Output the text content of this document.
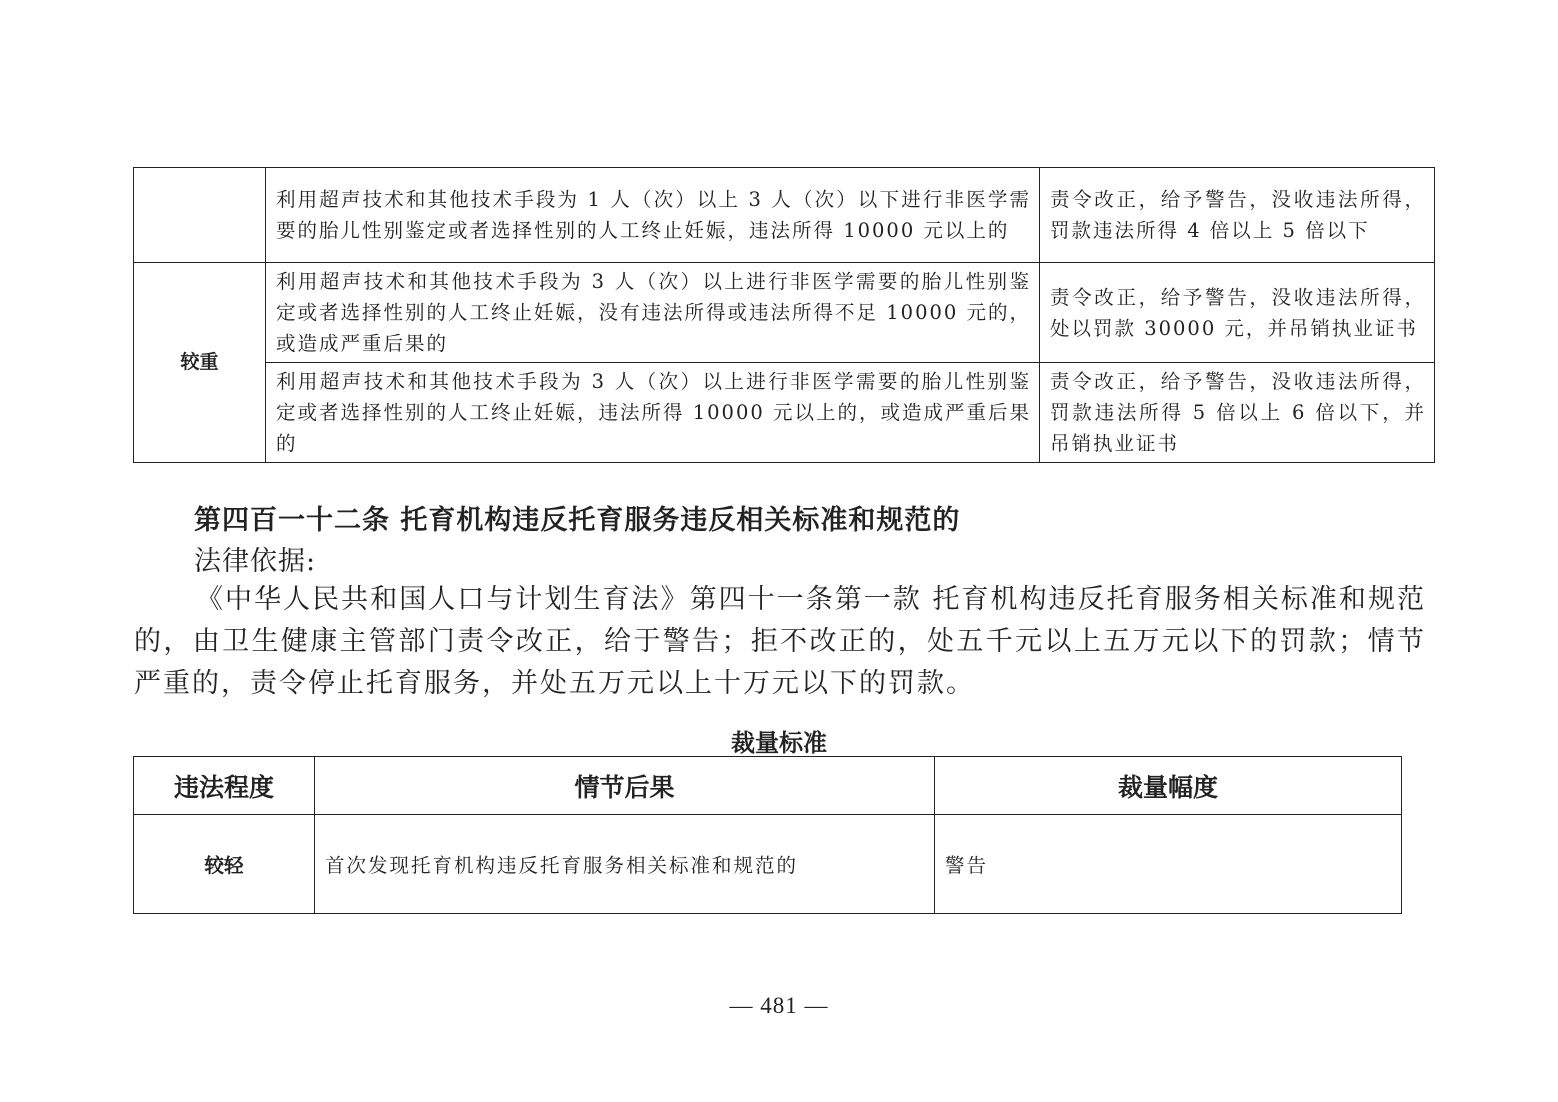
	利用超声技术和其他技术手段为 1 人（次）以上 3 人（次）以下进行非医学需要的胎儿性别鉴定或者选择性别的人工终止妊娠，违法所得 10000 元以上的	责令改正，给予警告，没收违法所得，罚款违法所得 4 倍以上 5 倍以下
较重	利用超声技术和其他技术手段为 3 人（次）以上进行非医学需要的胎儿性别鉴定或者选择性别的人工终止妊娠，没有违法所得或违法所得不足 10000 元的，或造成严重后果的	责令改正，给予警告，没收违法所得，处以罚款 30000 元，并吊销执业证书
	利用超声技术和其他技术手段为 3 人（次）以上进行非医学需要的胎儿性别鉴定或者选择性别的人工终止妊娠，违法所得 10000 元以上的，或造成严重后果的	责令改正，给予警告，没收违法所得，罚款违法所得 5 倍以上 6 倍以下，并吊销执业证书
第四百一十二条 托育机构违反托育服务违反相关标准和规范的
法律依据:

《中华人民共和国人口与计划生育法》第四十一条第一款 托育机构违反托育服务相关标准和规范的，由卫生健康主管部门责令改正，给于警告；拒不改正的，处五千元以上五万元以下的罚款；情节严重的，责令停止托育服务，并处五万元以上十万元以下的罚款。

裁量标准
违法程度	情节后果	裁量幅度
较轻	首次发现托育机构违反托育服务相关标准和规范的	警告
— 481 —
